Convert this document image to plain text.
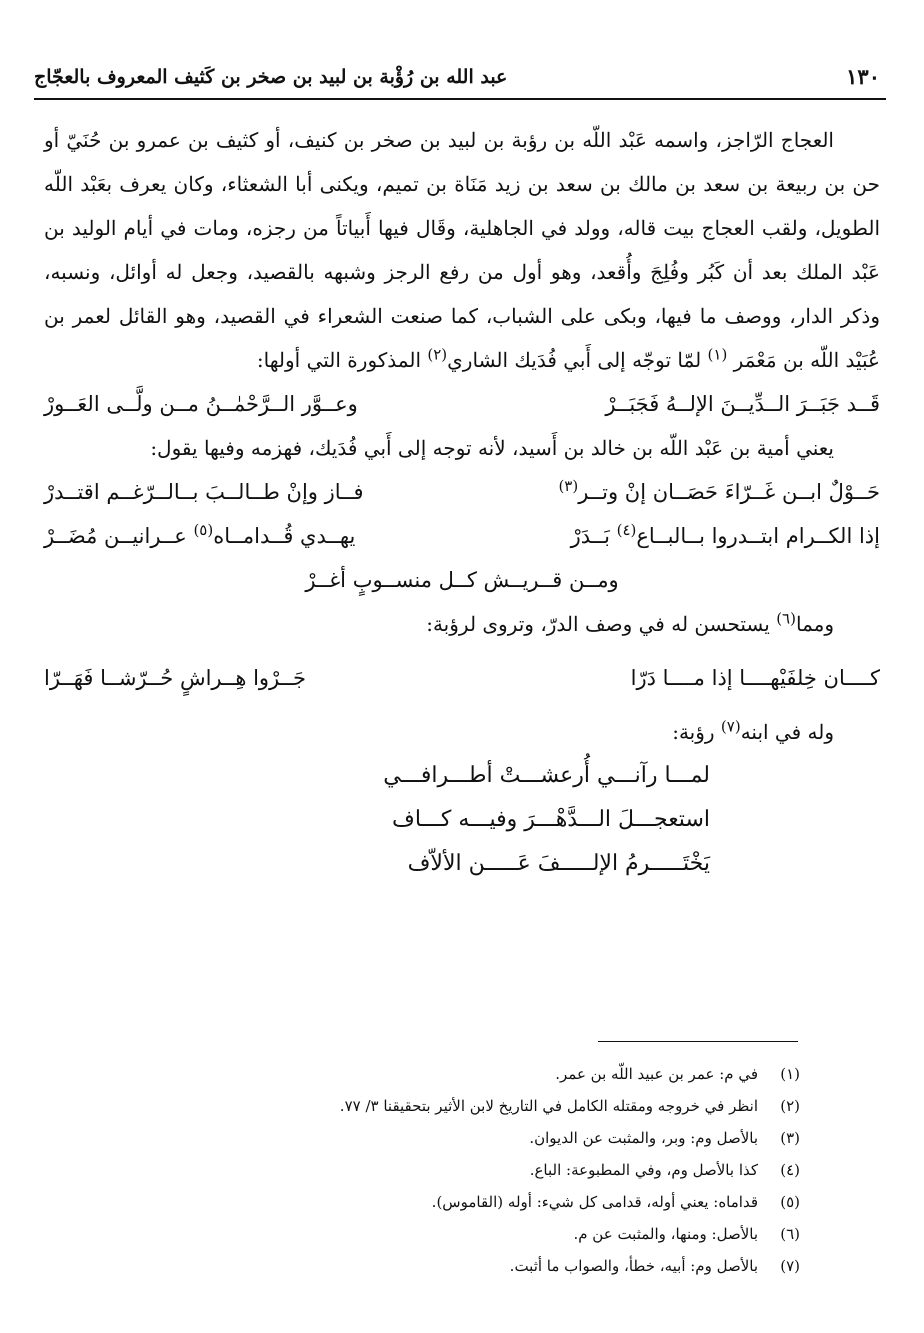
١٣٠
عبد الله بن رُؤْبة بن لبيد بن صخر بن كَثيف المعروف بالعجّاج

العجاج الرّاجز، واسمه عَبْد اللّه بن رؤبة بن لبيد بن صخر بن كنيف، أو كثيف بن عمرو بن حُنَيّ أو حن بن ربيعة بن سعد بن مالك بن سعد بن زيد مَنَاة بن تميم، ويكنى أبا الشعثاء، وكان يعرف بعَبْد اللّه الطويل، ولقب العجاج بيت قاله، وولد في الجاهلية، وقَال فيها أَبياتاً من رجزه، ومات في أيام الوليد بن عَبْد الملك بعد أن كَبُر وفُلِجَ وأُقعد، وهو أول من رفع الرجز وشبهه بالقصيد، وجعل له أوائل، ونسبه، وذكر الدار، ووصف ما فيها، وبكى على الشباب، كما صنعت الشعراء في القصيد، وهو القائل لعمر بن عُبَيْد اللّه بن مَعْمَر $^{(١)}$ لمّا توجّه إلى أَبي فُدَيك الشاري$^{(٢)}$ المذكورة التي أولها:

قَــد جَبَــرَ الــدِّيــنَ الإلــهُ فَجَبَــرْ
وعــوَّر الــرَّحْمٰــنُ مــن ولَّــى العَــورْ

يعني أمية بن عَبْد اللّه بن خالد بن أَسيد، لأنه توجه إلى أَبي فُدَيك، فهزمه وفيها يقول:

حَــوْلٌ ابــن غَــرّاءَ حَصَــان إنْ وتــر$^{(٣)}$
فــاز وإنْ طــالــبَ بــالــرّغــم اقتــدرْ
إذا الكــرام ابتــدروا بــالبــاع$^{(٤)}$ بَــدَرْ
يهــدي قُــدامــاه$^{(٥)}$ عــرانيــن مُضَــرْ
ومــن قــريــش كــل منســوبٍ أغــرْ

ومما$^{(٦)}$ يستحسن له في وصف الدرّ، وتروى لرؤبة:

كــــان خِلفَيْهــــا إذا مــــا دَرّا
جَــرْوا هِــراشٍ حُــرّشــا فَهَــرّا

وله في ابنه$^{(٧)}$ رؤبة:

لمـــا رآنـــي أُرعشـــتْ أطـــرافـــي
استعجـــلَ الـــدَّهْـــرَ وفيـــه كـــاف
يَخْتَـــــرمُ الإلـــــفَ عَـــــن الألاّف
(١)
في م: عمر بن عبيد اللّه بن عمر.
(٢)
انظر في خروجه ومقتله الكامل في التاريخ لابن الأثير بتحقيقنا ٣/ ٧٧.
(٣)
بالأصل وم: وبر، والمثبت عن الديوان.
(٤)
كذا بالأصل وم، وفي المطبوعة: الباع.
(٥)
قداماه: يعني أوله، قدامى كل شيء: أوله (القاموس).
(٦)
بالأصل: ومنها، والمثبت عن م.
(٧)
بالأصل وم: أبيه، خطأ، والصواب ما أثبت.
